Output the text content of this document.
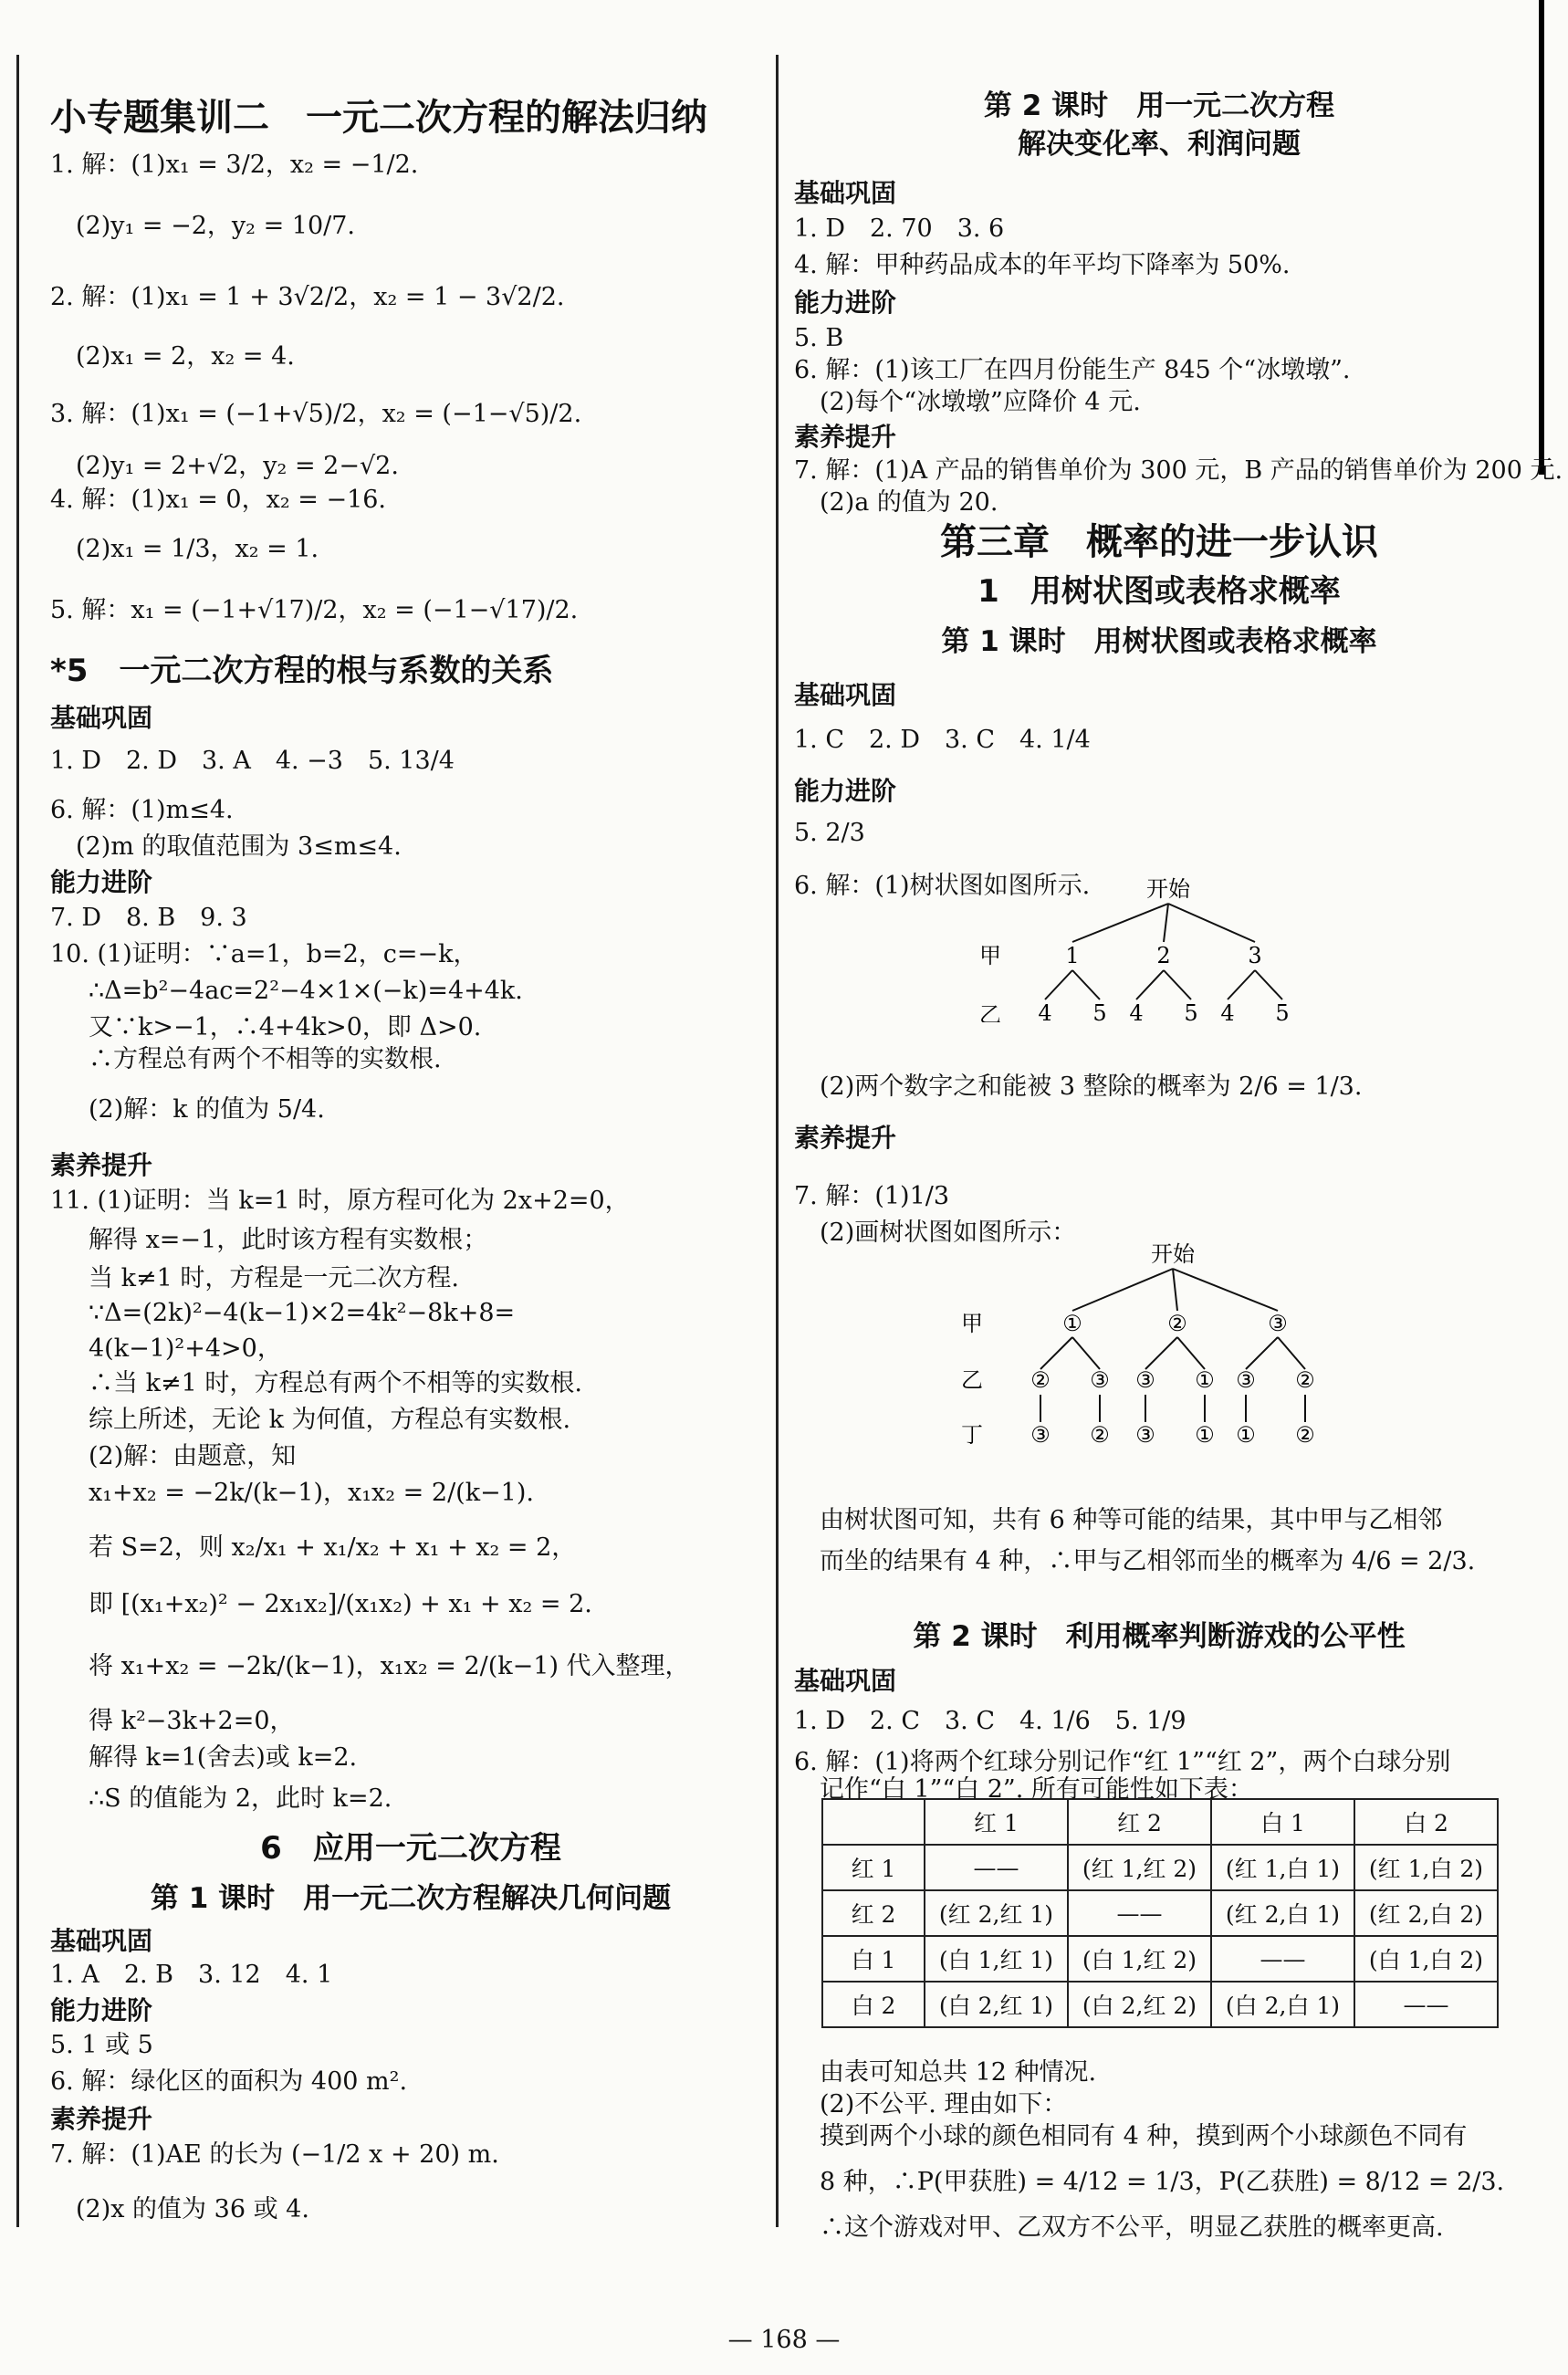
小专题集训二　一元二次方程的解法归纳
1. 解：(1)x₁ = 3/2，x₂ = −1/2.
(2)y₁ = −2，y₂ = 10/7.
2. 解：(1)x₁ = 1 + 3√2/2，x₂ = 1 − 3√2/2.
(2)x₁ = 2，x₂ = 4.
3. 解：(1)x₁ = (−1+√5)/2，x₂ = (−1−√5)/2.
(2)y₁ = 2+√2，y₂ = 2−√2.
4. 解：(1)x₁ = 0，x₂ = −16.
(2)x₁ = 1/3，x₂ = 1.
5. 解：x₁ = (−1+√17)/2，x₂ = (−1−√17)/2.
*5　一元二次方程的根与系数的关系
基础巩固
1. D　2. D　3. A　4. −3　5. 13/4
6. 解：(1)m≤4.
(2)m 的取值范围为 3≤m≤4.
能力进阶
7. D　8. B　9. 3
10. (1)证明：∵a=1，b=2，c=−k，
∴Δ=b²−4ac=2²−4×1×(−k)=4+4k.
又∵k>−1，∴4+4k>0，即 Δ>0.
∴方程总有两个不相等的实数根.
(2)解：k 的值为 5/4.
素养提升
11. (1)证明：当 k=1 时，原方程可化为 2x+2=0，
解得 x=−1，此时该方程有实数根；
当 k≠1 时，方程是一元二次方程.
∵Δ=(2k)²−4(k−1)×2=4k²−8k+8=
4(k−1)²+4>0，
∴当 k≠1 时，方程总有两个不相等的实数根.
综上所述，无论 k 为何值，方程总有实数根.
(2)解：由题意，知
x₁+x₂ = −2k/(k−1)，x₁x₂ = 2/(k−1).
若 S=2，则 x₂/x₁ + x₁/x₂ + x₁ + x₂ = 2，
即 [(x₁+x₂)² − 2x₁x₂]/(x₁x₂) + x₁ + x₂ = 2.
将 x₁+x₂ = −2k/(k−1)，x₁x₂ = 2/(k−1) 代入整理，
得 k²−3k+2=0，
解得 k=1(舍去)或 k=2.
∴S 的值能为 2，此时 k=2.
6　应用一元二次方程
第 1 课时　用一元二次方程解决几何问题
基础巩固
1. A　2. B　3. 12　4. 1
能力进阶
5. 1 或 5
6. 解：绿化区的面积为 400 m².
素养提升
7. 解：(1)AE 的长为 (−1/2 x + 20) m.
(2)x 的值为 36 或 4.
开始
甲
乙
1
4 5
2
4 5
3
4 5
开始
甲
乙
丁
①
②
③
③
②
②
③
③
①
①
③
③
①
②
②
	红 1	红 2	白 1	白 2
红 1	——	(红 1,红 2)	(红 1,白 1)	(红 1,白 2)
红 2	(红 2,红 1)	——	(红 2,白 1)	(红 2,白 2)
白 1	(白 1,红 1)	(白 1,红 2)	——	(白 1,白 2)
白 2	(白 2,红 1)	(白 2,红 2)	(白 2,白 1)	——
第 2 课时　用一元二次方程
解决变化率、利润问题
基础巩固
1. D　2. 70　3. 6
4. 解：甲种药品成本的年平均下降率为 50%.
能力进阶
5. B
6. 解：(1)该工厂在四月份能生产 845 个“冰墩墩”.
(2)每个“冰墩墩”应降价 4 元.
素养提升
7. 解：(1)A 产品的销售单价为 300 元，B 产品的销售单价为 200 元.
(2)a 的值为 20.
第三章　概率的进一步认识
1　用树状图或表格求概率
第 1 课时　用树状图或表格求概率
基础巩固
1. C　2. D　3. C　4. 1/4
能力进阶
5. 2/3
6. 解：(1)树状图如图所示.
(2)两个数字之和能被 3 整除的概率为 2/6 = 1/3.
素养提升
7. 解：(1)1/3
(2)画树状图如图所示：
由树状图可知，共有 6 种等可能的结果，其中甲与乙相邻
而坐的结果有 4 种，∴甲与乙相邻而坐的概率为 4/6 = 2/3.
第 2 课时　利用概率判断游戏的公平性
基础巩固
1. D　2. C　3. C　4. 1/6　5. 1/9
6. 解：(1)将两个红球分别记作“红 1”“红 2”，两个白球分别
记作“白 1”“白 2”. 所有可能性如下表：
由表可知总共 12 种情况.
(2)不公平. 理由如下：
摸到两个小球的颜色相同有 4 种，摸到两个小球颜色不同有
8 种，∴P(甲获胜) = 4/12 = 1/3，P(乙获胜) = 8/12 = 2/3.
∴这个游戏对甲、乙双方不公平，明显乙获胜的概率更高.
— 168 —
